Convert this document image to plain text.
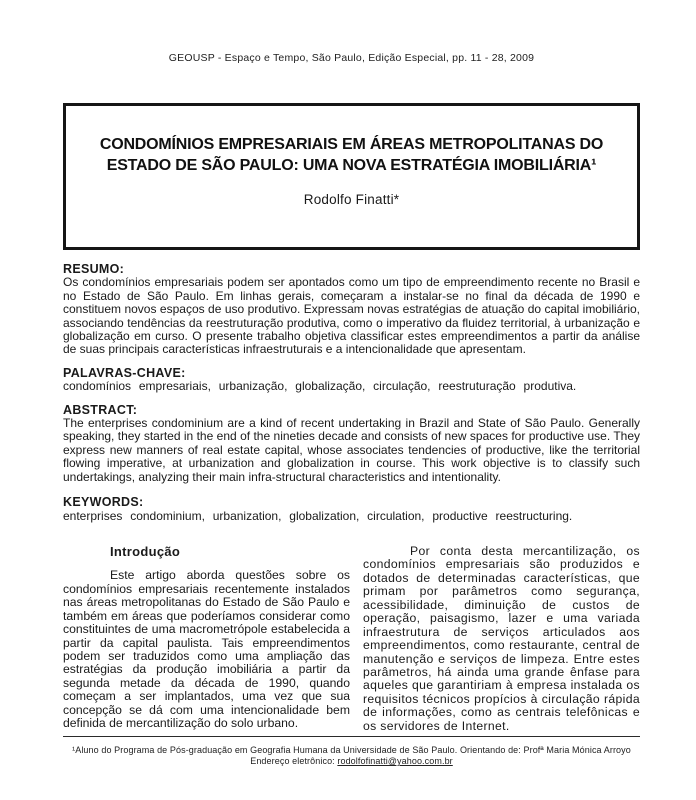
GEOUSP - Espaço e Tempo, São Paulo, Edição Especial, pp. 11 - 28, 2009
CONDOMÍNIOS EMPRESARIAIS EM ÁREAS METROPOLITANAS DO ESTADO DE SÃO PAULO: UMA NOVA ESTRATÉGIA IMOBILIÁRIA¹
Rodolfo Finatti*
RESUMO:

Os condomínios empresariais podem ser apontados como um tipo de empreendimento recente no Brasil e no Estado de São Paulo. Em linhas gerais, começaram a instalar-se no final da década de 1990 e constituem novos espaços de uso produtivo. Expressam novas estratégias de atuação do capital imobiliário, associando tendências da reestruturação produtiva, como o imperativo da fluidez territorial, à urbanização e globalização em curso. O presente trabalho objetiva classificar estes empreendimentos a partir da análise de suas principais características infraestruturais e a intencionalidade que apresentam.

PALAVRAS-CHAVE:

condomínios empresariais, urbanização, globalização, circulação, reestruturação produtiva.

ABSTRACT:

The enterprises condominium are a kind of recent undertaking in Brazil and State of São Paulo. Generally speaking, they started in the end of the nineties decade and consists of new spaces for productive use. They express new manners of real estate capital, whose associates tendencies of productive, like the territorial flowing imperative, at urbanization and globalization in course. This work objective is to classify such undertakings, analyzing their main infra-structural characteristics and intentionality.

KEYWORDS:

enterprises condominium, urbanization, globalization, circulation, productive reestructuring.

Introdução

Este artigo aborda questões sobre os condomínios empresariais recentemente instalados nas áreas metropolitanas do Estado de São Paulo e também em áreas que poderíamos considerar como constituintes de uma macrometrópole estabelecida a partir da capital paulista. Tais empreendimentos podem ser traduzidos como uma ampliação das estratégias da produção imobiliária a partir da segunda metade da década de 1990, quando começam a ser implantados, uma vez que sua concepção se dá com uma intencionalidade bem definida de mercantilização do solo urbano.

Por conta desta mercantilização, os condomínios empresariais são produzidos e dotados de determinadas características, que primam por parâmetros como segurança, acessibilidade, diminuição de custos de operação, paisagismo, lazer e uma variada infraestrutura de serviços articulados aos empreendimentos, como restaurante, central de manutenção e serviços de limpeza. Entre estes parâmetros, há ainda uma grande ênfase para aqueles que garantiriam à empresa instalada os requisitos técnicos propícios à circulação rápida de informações, como as centrais telefônicas e os servidores de Internet.

¹Aluno do Programa de Pós-graduação em Geografia Humana da Universidade de São Paulo. Orientando de: Profª Maria Mónica Arroyo
Endereço eletrônico: rodolfofinatti@yahoo.com.br
